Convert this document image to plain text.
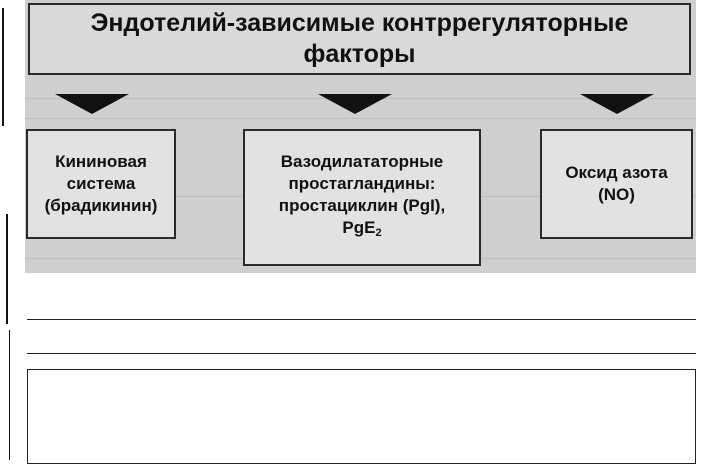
Эндотелий-зависимые контррегуляторные факторы
Кининовая
система
(брадикинин)
Вазодилататорные
простагландины:
простациклин (PgI),
PgE$_2$
Оксид азота
(NO)
